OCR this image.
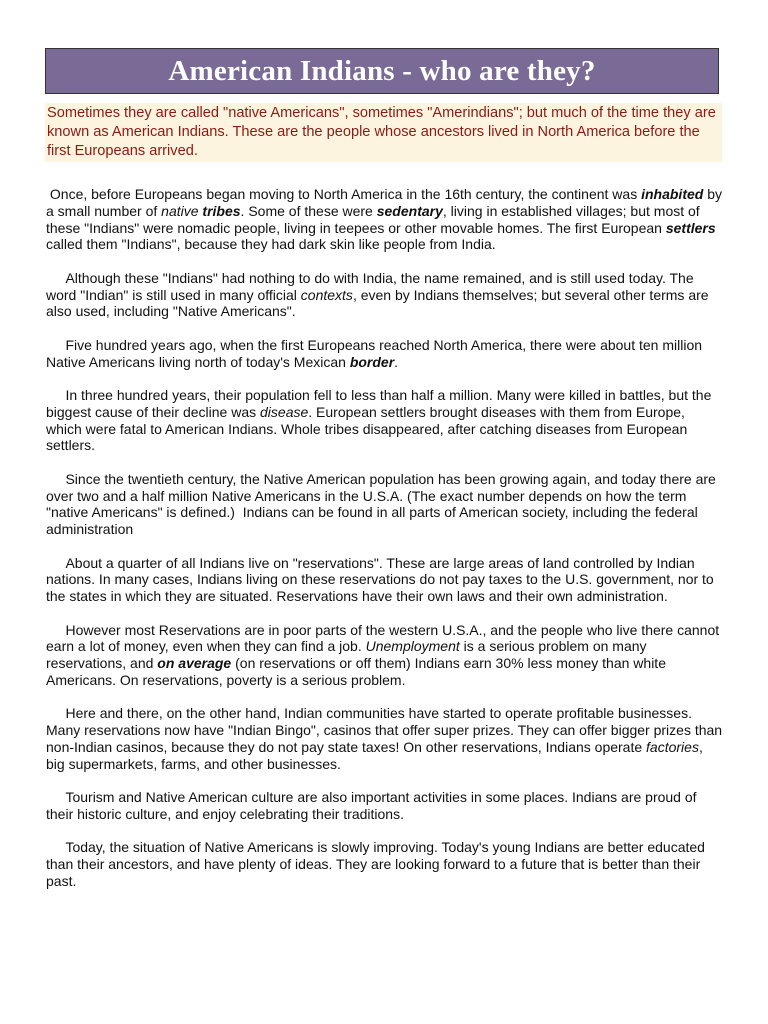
American Indians - who are they?
Sometimes they are called "native Americans", sometimes "Amerindians"; but much of the time they are known as American Indians. These are the people whose ancestors lived in North America before the first Europeans arrived.

Once, before Europeans began moving to North America in the 16th century, the continent was inhabited by a small number of native tribes. Some of these were sedentary, living in established villages; but most of these "Indians" were nomadic people, living in teepees or other movable homes. The first European settlers called them "Indians", because they had dark skin like people from India.

Although these "Indians" had nothing to do with India, the name remained, and is still used today. The word "Indian" is still used in many official contexts, even by Indians themselves; but several other terms are also used, including "Native Americans".

Five hundred years ago, when the first Europeans reached North America, there were about ten million Native Americans living north of today's Mexican border.

In three hundred years, their population fell to less than half a million. Many were killed in battles, but the biggest cause of their decline was disease. European settlers brought diseases with them from Europe, which were fatal to American Indians. Whole tribes disappeared, after catching diseases from European settlers.

Since the twentieth century, the Native American population has been growing again, and today there are over two and a half million Native Americans in the U.S.A. (The exact number depends on how the term "native Americans" is defined.)  Indians can be found in all parts of American society, including the federal administration

About a quarter of all Indians live on "reservations". These are large areas of land controlled by Indian nations. In many cases, Indians living on these reservations do not pay taxes to the U.S. government, nor to the states in which they are situated. Reservations have their own laws and their own administration.

However most Reservations are in poor parts of the western U.S.A., and the people who live there cannot earn a lot of money, even when they can find a job. Unemployment is a serious problem on many reservations, and on average (on reservations or off them) Indians earn 30% less money than white Americans. On reservations, poverty is a serious problem.

Here and there, on the other hand, Indian communities have started to operate profitable businesses. Many reservations now have "Indian Bingo", casinos that offer super prizes. They can offer bigger prizes than non-Indian casinos, because they do not pay state taxes! On other reservations, Indians operate factories, big supermarkets, farms, and other businesses.

Tourism and Native American culture are also important activities in some places. Indians are proud of their historic culture, and enjoy celebrating their traditions.

Today, the situation of Native Americans is slowly improving. Today's young Indians are better educated than their ancestors, and have plenty of ideas. They are looking forward to a future that is better than their past.
